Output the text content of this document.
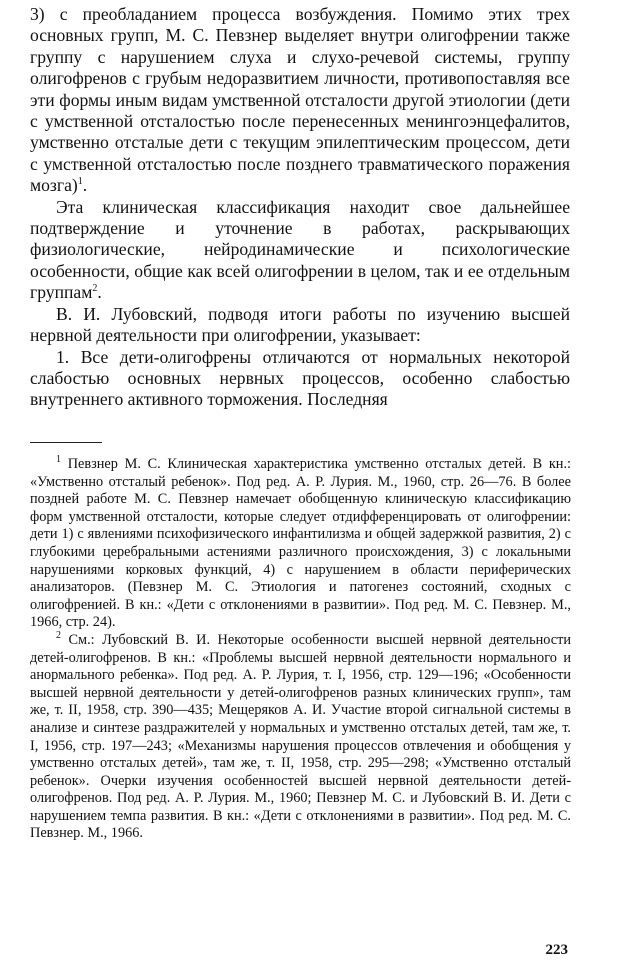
3) с преобладанием процесса возбуждения. Помимо этих трех основных групп, М. С. Певзнер выделяет внутри олигофрении также группу с нарушением слуха и слухо-речевой системы, группу олигофренов с грубым недоразвитием личности, противопоставляя все эти формы иным видам умственной отсталости другой этиологии (дети с умственной отсталостью после перенесенных менингоэнцефалитов, умственно отсталые дети с текущим эпилептическим процессом, дети с умственной отсталостью после позднего травматического поражения мозга)$^1$.

Эта клиническая классификация находит свое дальнейшее подтверждение и уточнение в работах, раскрывающих физиологические, нейродинамические и психологические особенности, общие как всей олигофрении в целом, так и ее отдельным группам$^2$.

В. И. Лубовский, подводя итоги работы по изучению высшей нервной деятельности при олигофрении, указывает:

1. Все дети-олигофрены отличаются от нормальных некоторой слабостью основных нервных процессов, особенно слабостью внутреннего активного торможения. Последняя

$^1$ Певзнер М. С. Клиническая характеристика умственно отсталых детей. В кн.: «Умственно отсталый ребенок». Под ред. А. Р. Лурия. М., 1960, стр. 26—76. В более поздней работе М. С. Певзнер намечает обобщенную клиническую классификацию форм умственной отсталости, которые следует отдифференцировать от олигофрении: дети 1) с явлениями психофизического инфантилизма и общей задержкой развития, 2) с глубокими церебральными астениями различного происхождения, 3) с локальными нарушениями корковых функций, 4) с нарушением в области периферических анализаторов. (Певзнер М. С. Этиология и патогенез состояний, сходных с олигофренией. В кн.: «Дети с отклонениями в развитии». Под ред. М. С. Певзнер. М., 1966, стр. 24).

$^2$ См.: Лубовский В. И. Некоторые особенности высшей нервной деятельности детей-олигофренов. В кн.: «Проблемы высшей нервной деятельности нормального и анормального ребенка». Под ред. А. Р. Лурия, т. I, 1956, стр. 129—196; «Особенности высшей нервной деятельности у детей-олигофренов разных клинических групп», там же, т. II, 1958, стр. 390—435; Мещеряков А. И. Участие второй сигнальной системы в анализе и синтезе раздражителей у нормальных и умственно отсталых детей, там же, т. I, 1956, стр. 197—243; «Механизмы нарушения процессов отвлечения и обобщения у умственно отсталых детей», там же, т. II, 1958, стр. 295—298; «Умственно отсталый ребенок». Очерки изучения особенностей высшей нервной деятельности детей-олигофренов. Под ред. А. Р. Лурия. М., 1960; Певзнер М. С. и Лубовский В. И. Дети с нарушением темпа развития. В кн.: «Дети с отклонениями в развитии». Под ред. М. С. Певзнер. М., 1966.

223
